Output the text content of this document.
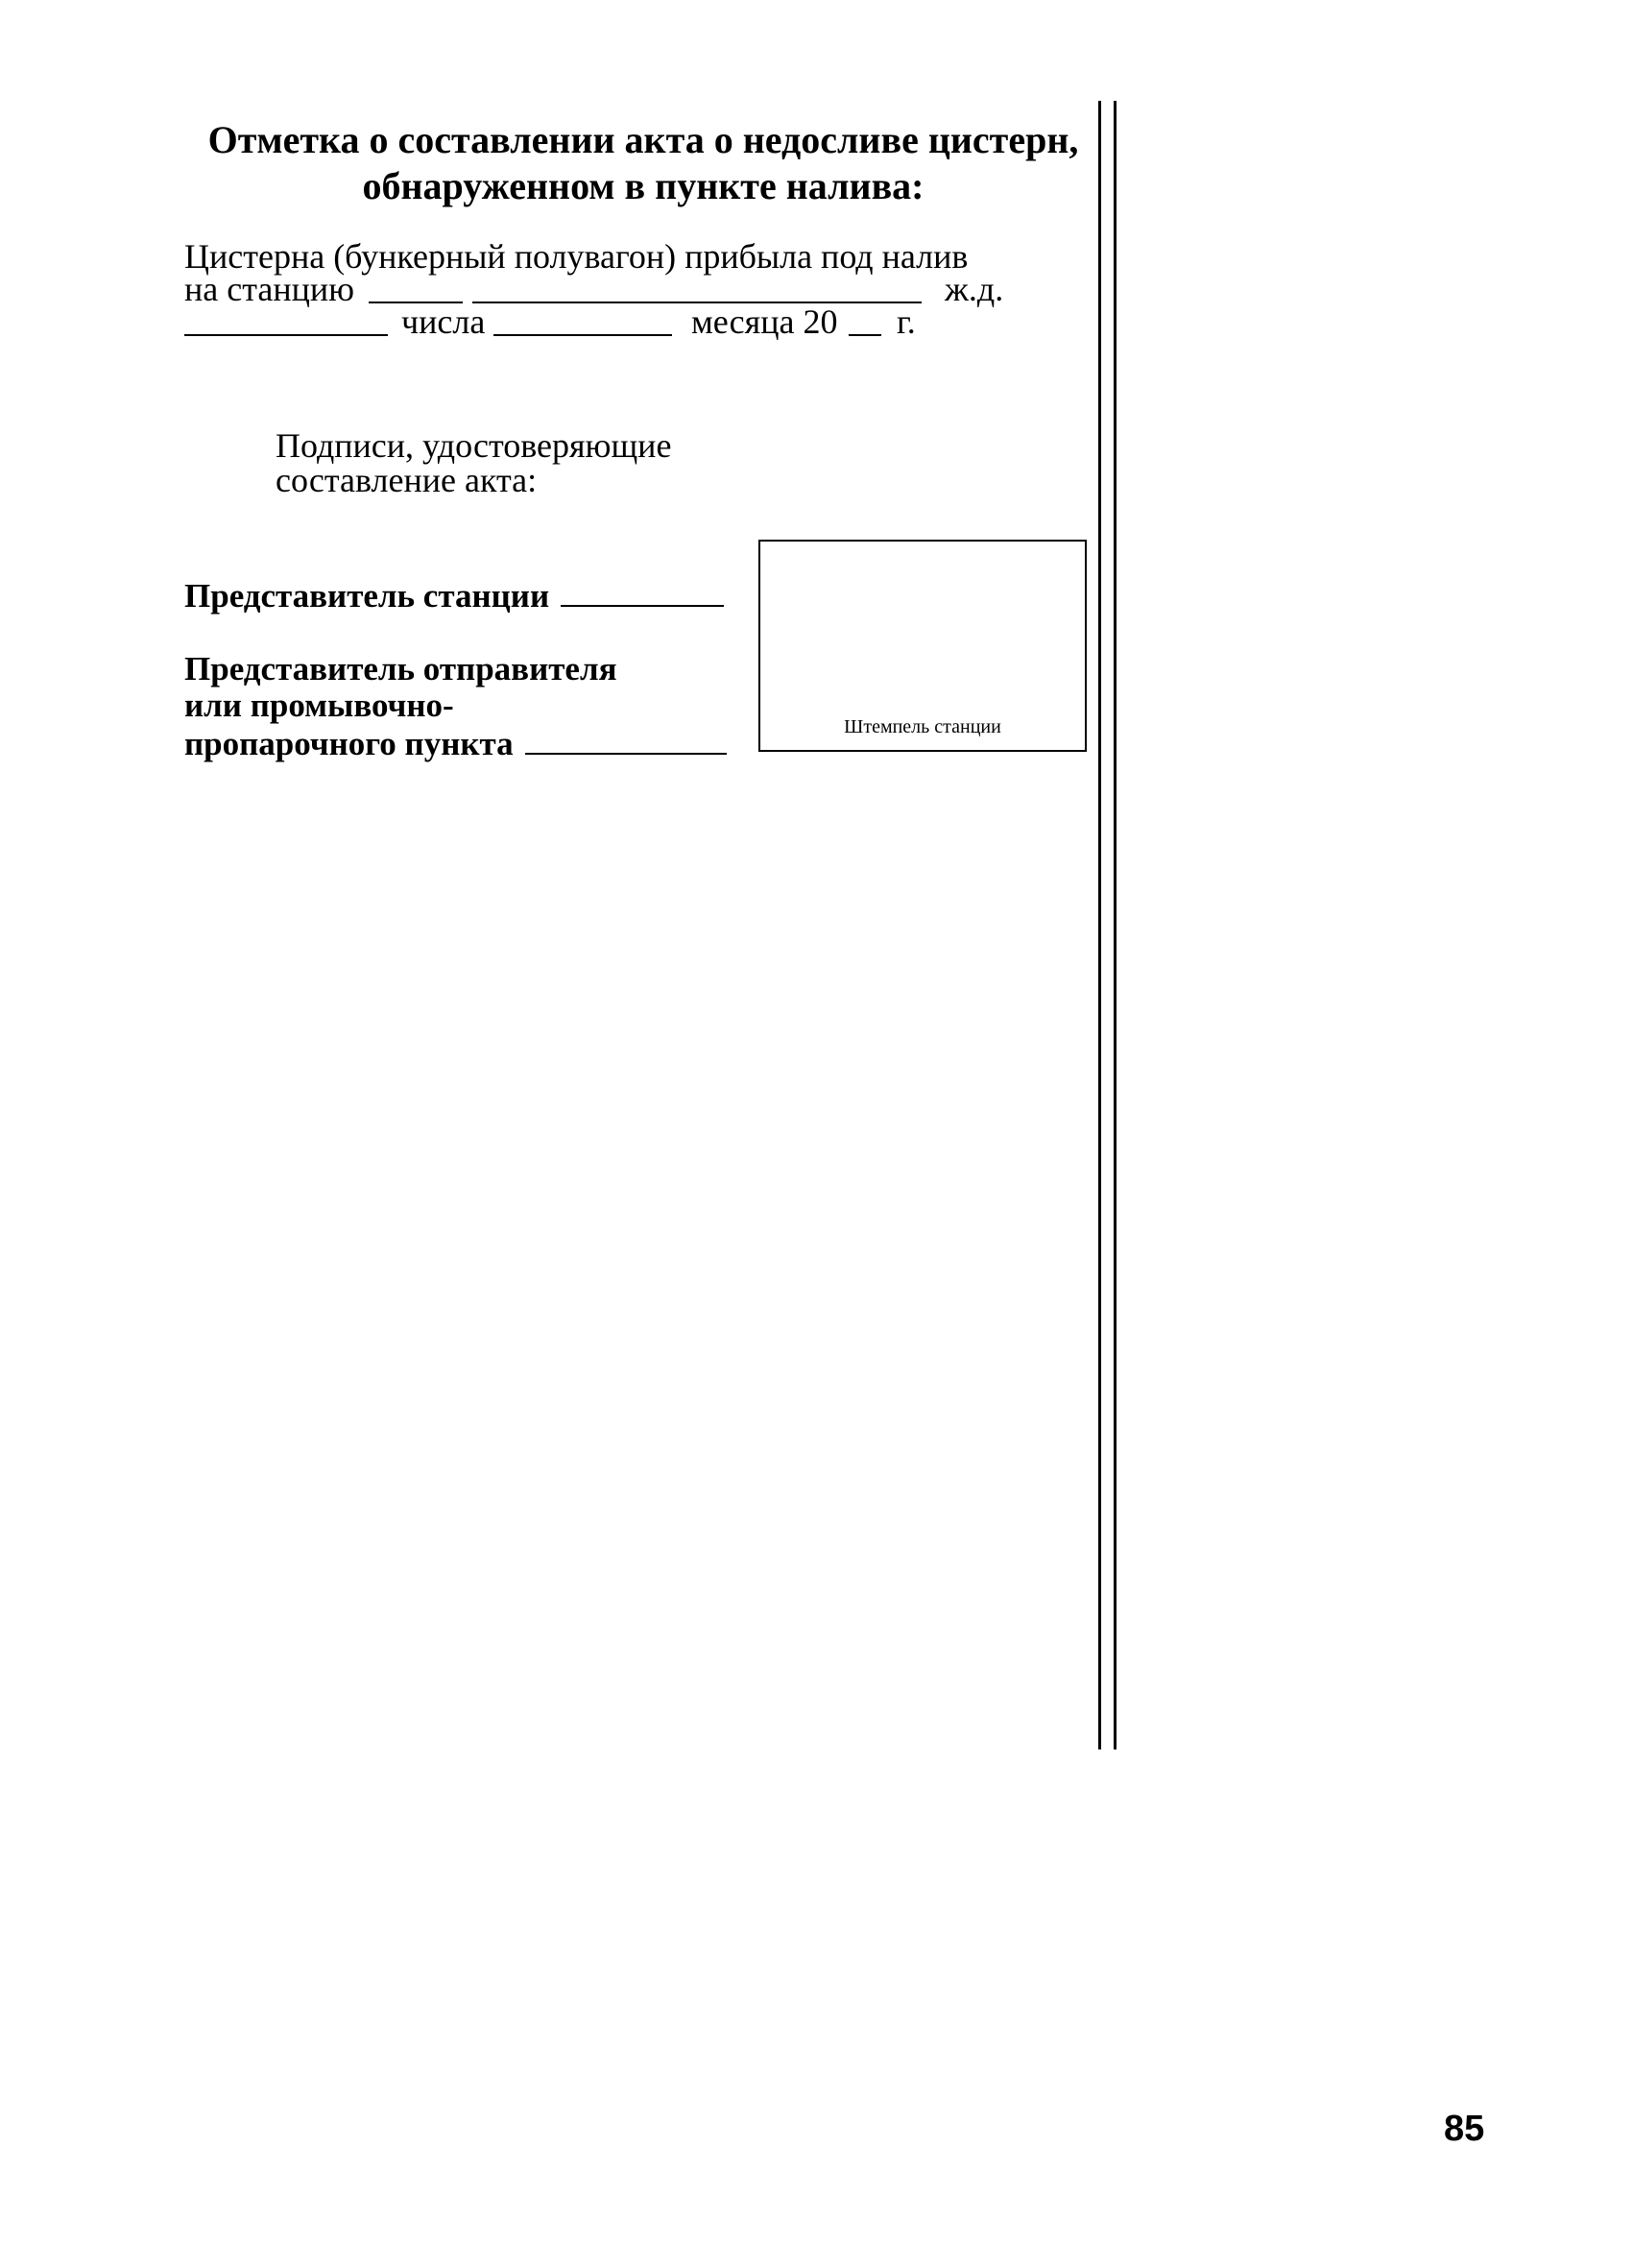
Отметка о составлении акта о недосливе цистерн,
обнаруженном в пункте налива:
Цистерна (бункерный полувагон) прибыла под налив
на станцию	ж.д.
числа	месяца 20 г.
Подписи, удостоверяющие
составление акта:
Представитель станции
Представитель отправителя
или промывочно-
пропарочного пункта	Штемпель станции
85
